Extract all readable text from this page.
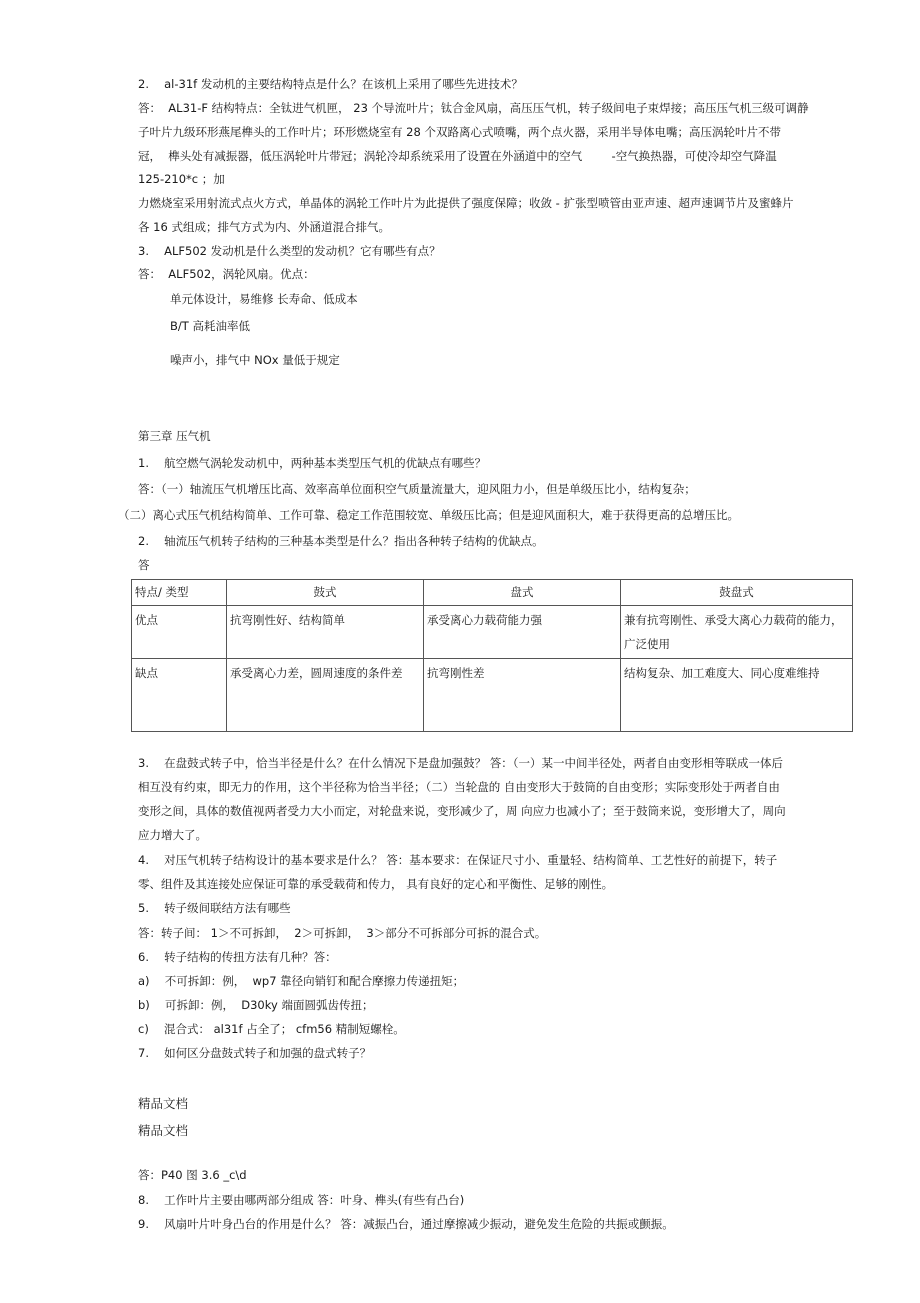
2.　 al-31f 发动机的主要结构特点是什么？在该机上采用了哪些先进技术？
答：  AL31-F 结构特点：全钛进气机匣， 23 个导流叶片；钛合金风扇，高压压气机，转子级间电子束焊接；高压压气机三级可调静
子叶片九级环形燕尾榫头的工作叶片；环形燃烧室有 28 个双路离心式喷嘴，两个点火器，采用半导体电嘴；高压涡轮叶片不带
冠，  榫头处有减振器，低压涡轮叶片带冠；涡轮冷却系统采用了设置在外涵道中的空气        -空气换热器，可使冷却空气降温
125-210*c ；加
力燃烧室采用射流式点火方式，单晶体的涡轮工作叶片为此提供了强度保障；收敛 - 扩张型喷管由亚声速、超声速调节片及蜜蜂片
各 16 式组成；排气方式为内、外涵道混合排气。
3.　 ALF502 发动机是什么类型的发动机？它有哪些有点？
答：  ALF502，涡轮风扇。优点：
单元体设计，易维修 长寿命、低成本
B/T 高耗油率低
噪声小，排气中 NOx 量低于规定
第三章 压气机
1.　 航空燃气涡轮发动机中，两种基本类型压气机的优缺点有哪些？
答：（一）轴流压气机增压比高、效率高单位面积空气质量流量大，迎风阻力小，但是单级压比小，结构复杂；
（二）离心式压气机结构简单、工作可靠、稳定工作范围较宽、单级压比高；但是迎风面积大，难于获得更高的总增压比。
2.　 轴流压气机转子结构的三种基本类型是什么？指出各种转子结构的优缺点。
答
特点/ 类型	鼓式	盘式	鼓盘式
优点	抗弯刚性好、结构简单	承受离心力载荷能力强	兼有抗弯刚性、承受大离心力载荷的能力，广泛使用
缺点	承受离心力差，圆周速度的条件差	抗弯刚性差	结构复杂、加工难度大、同心度难维持
3.　 在盘鼓式转子中，恰当半径是什么？在什么情况下是盘加强鼓？ 答：（一）某一中间半径处，两者自由变形相等联成一体后
相互没有约束，即无力的作用，这个半径称为恰当半径；（二）当轮盘的 自由变形大于鼓筒的自由变形；实际变形处于两者自由
变形之间，具体的数值视两者受力大小而定，对轮盘来说，变形减少了，周 向应力也减小了；至于鼓筒来说，变形增大了，周向
应力增大了。
4.　 对压气机转子结构设计的基本要求是什么？ 答：基本要求：在保证尺寸小、重量轻、结构简单、工艺性好的前提下，转子
零、组件及其连接处应保证可靠的承受载荷和传力， 具有良好的定心和平衡性、足够的刚性。
5.　 转子级间联结方法有哪些
答：转子间： 1＞不可拆卸，  2＞可拆卸，  3＞部分不可拆部分可拆的混合式。
6.　 转子结构的传扭方法有几种？答：
a)　 不可拆卸：例，  wp7 靠径向销钉和配合摩擦力传递扭矩；
b)　 可拆卸：例，  D30ky 端面圆弧齿传扭；
c)　 混合式： al31f 占全了； cfm56 精制短螺栓。
7.　 如何区分盘鼓式转子和加强的盘式转子？
精品文档
精品文档
答：P40 图 3.6 _c\d
8.　 工作叶片主要由哪两部分组成 答：叶身、榫头(有些有凸台)
9.　 风扇叶片叶身凸台的作用是什么？ 答：减振凸台，通过摩擦减少振动，避免发生危险的共振或颤振。
